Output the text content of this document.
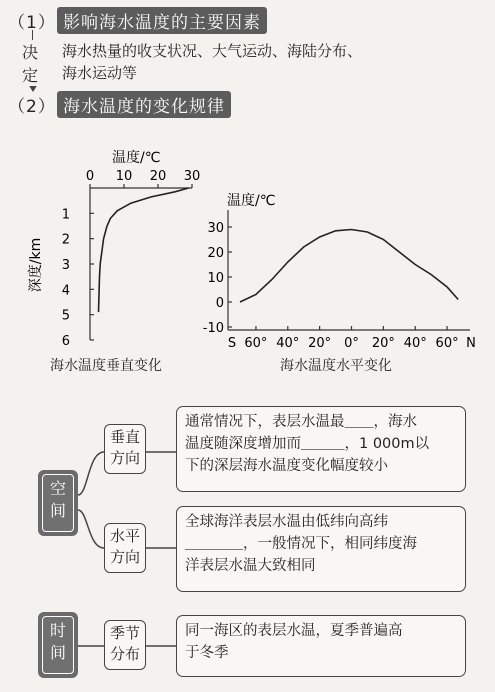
（1） 影响海水温度的主要因素
决
定
海水热量的收支状况、大气运动、海陆分布、
海水运动等
（2） 海水温度的变化规律
温度/℃
0 10 20 30
1
2
3
4
5
6
深度/km
海水温度垂直变化
温度/℃
30
20
10
0
-10
S 60° 40° 20° 0° 20° 40° 60° N
海水温度水平变化
空
间
时
间
垂直
方向
水平
方向
季节
分布
通常情况下，表层水温最＿＿，海水
温度随深度增加而＿＿＿，1 000m以
下的深层海水温度变化幅度较小
全球海洋表层水温由低纬向高纬
＿＿＿＿，一般情况下，相同纬度海
洋表层水温大致相同
同一海区的表层水温，夏季普遍高
于冬季
